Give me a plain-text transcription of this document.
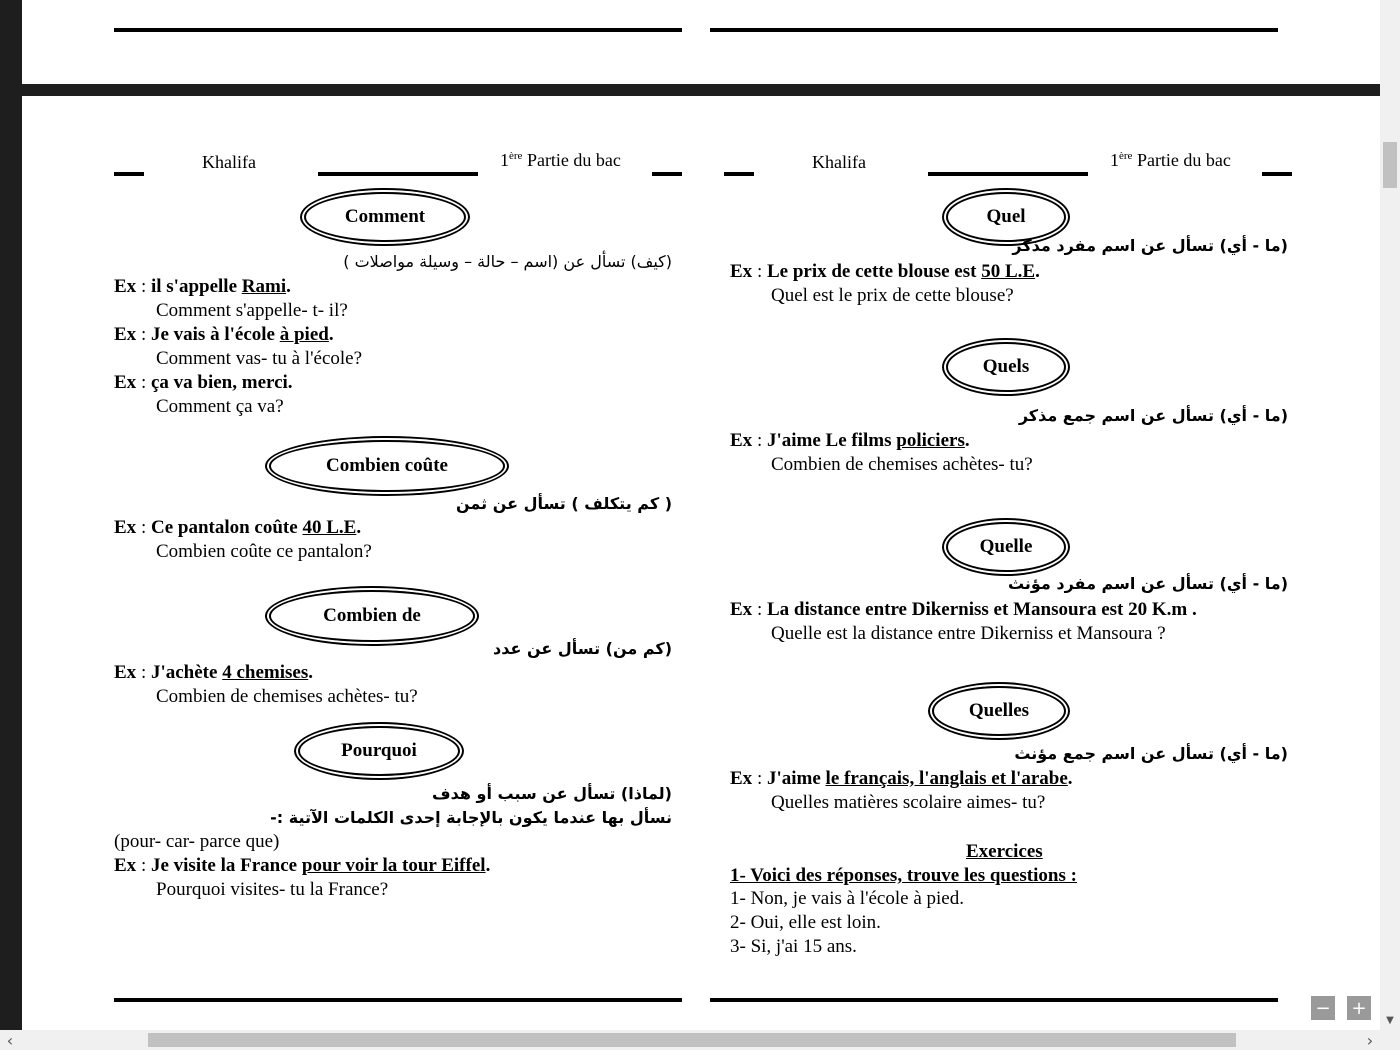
Khalifa	1ère Partie du bac	Khalifa	1ère Partie du bac
Comment
(كيف) تسأل عن (اسم – حالة – وسيلة مواصلات )
Ex : il s'appelle Rami.
Comment s'appelle- t- il?
Ex : Je vais à l'école à pied.
Comment vas- tu à l'école?
Ex : ça va bien, merci.
Comment ça va?
Combien coûte
( كم يتكلف ) تسأل عن ثمن
Ex : Ce pantalon coûte 40 L.E.
Combien coûte ce pantalon?
Combien de
(كم من) تسأل عن عدد
Ex : J'achète 4 chemises.
Combien de chemises achètes- tu?
Pourquoi
(لماذا) تسأل عن سبب أو هدف
نسأل بها عندما يكون بالإجابة إحدى الكلمات الآتية :-
(pour- car- parce que)
Ex : Je visite la France pour voir la tour Eiffel.
Pourquoi visites- tu la France?
Quel
(ما - أي) تسأل عن اسم مفرد مذكر
Ex : Le prix de cette blouse est 50 L.E.
Quel est le prix de cette blouse?
Quels
(ما - أي) تسأل عن اسم جمع مذكر
Ex : J'aime Le films policiers.
Combien de chemises achètes- tu?
Quelle
(ما - أي) تسأل عن اسم مفرد مؤنث
Ex : La distance entre Dikerniss et Mansoura est 20 K.m .
Quelle est la distance entre Dikerniss et Mansoura ?
Quelles
(ما - أي) تسأل عن اسم جمع مؤنث
Ex : J'aime le français, l'anglais et l'arabe.
Quelles matières scolaire aimes- tu?
Exercices
1- Voici des réponses, trouve les questions :
1- Non, je vais à l'école à pied.
2- Oui, elle est loin.
3- Si, j'ai 15 ans.
− +
▼
‹	›
